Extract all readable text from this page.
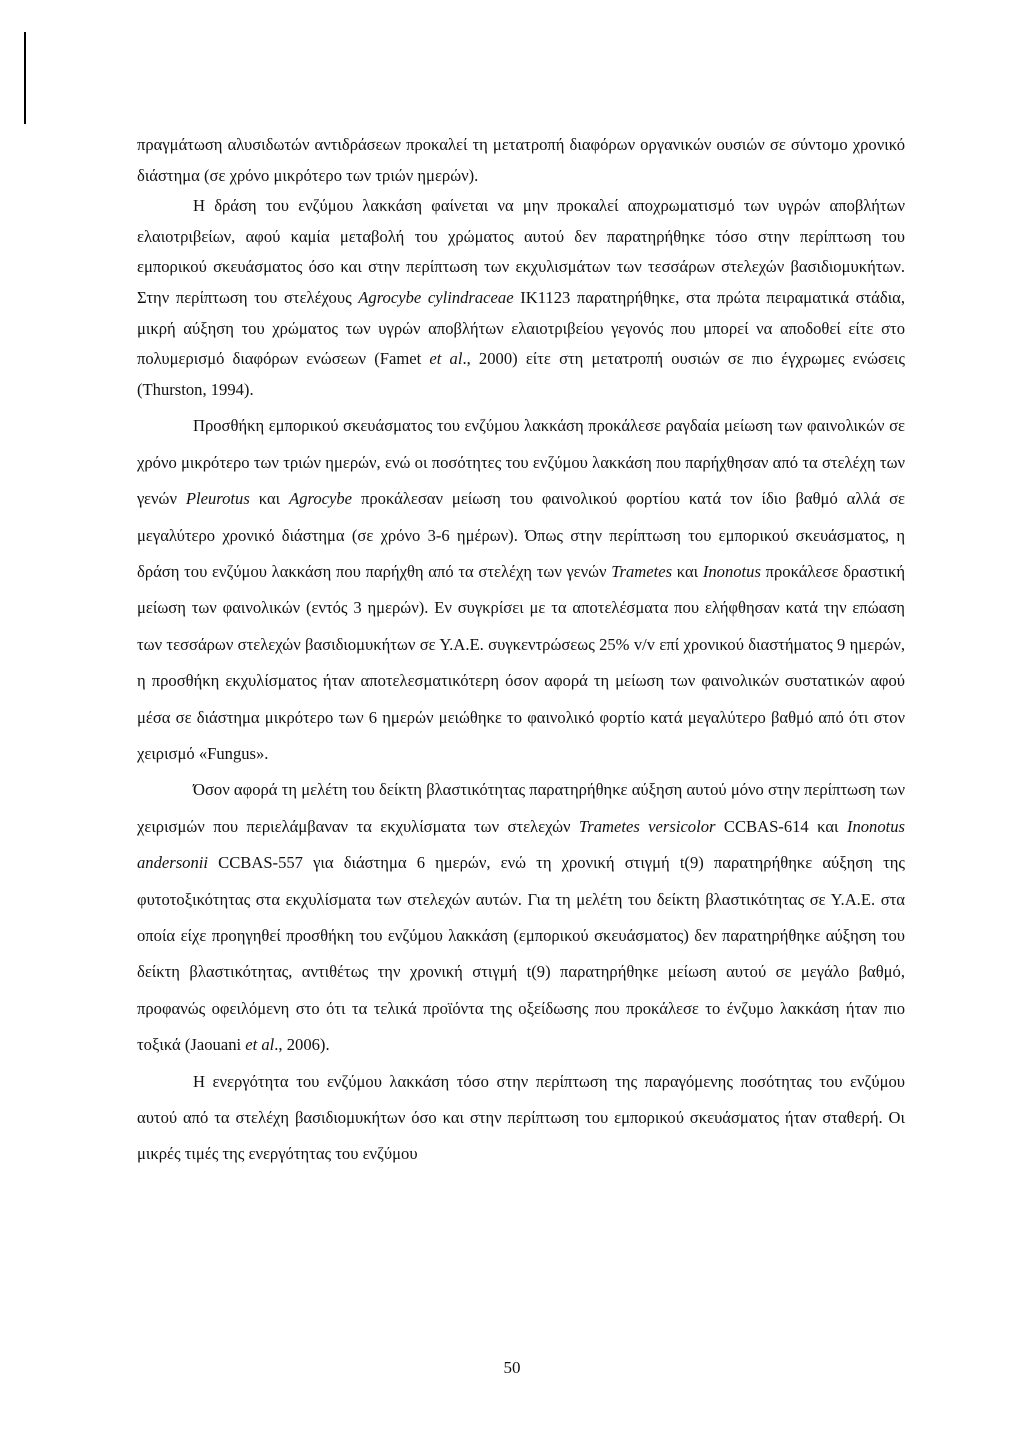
πραγμάτωση αλυσιδωτών αντιδράσεων προκαλεί τη μετατροπή διαφόρων οργανικών ουσιών σε σύντομο χρονικό διάστημα (σε χρόνο μικρότερο των τριών ημερών).

Η δράση του ενζύμου λακκάση φαίνεται να μην προκαλεί αποχρωματισμό των υγρών αποβλήτων ελαιοτριβείων, αφού καμία μεταβολή του χρώματος αυτού δεν παρατηρήθηκε τόσο στην περίπτωση του εμπορικού σκευάσματος όσο και στην περίπτωση των εκχυλισμάτων των τεσσάρων στελεχών βασιδιομυκήτων. Στην περίπτωση του στελέχους Agrocybe cylindraceae IK1123 παρατηρήθηκε, στα πρώτα πειραματικά στάδια, μικρή αύξηση του χρώματος των υγρών αποβλήτων ελαιοτριβείου γεγονός που μπορεί να αποδοθεί είτε στο πολυμερισμό διαφόρων ενώσεων (Famet et al., 2000) είτε στη μετατροπή ουσιών σε πιο έγχρωμες ενώσεις (Thurston, 1994).

Προσθήκη εμπορικού σκευάσματος του ενζύμου λακκάση προκάλεσε ραγδαία μείωση των φαινολικών σε χρόνο μικρότερο των τριών ημερών, ενώ οι ποσότητες του ενζύμου λακκάση που παρήχθησαν από τα στελέχη των γενών Pleurotus και Agrocybe προκάλεσαν μείωση του φαινολικού φορτίου κατά τον ίδιο βαθμό αλλά σε μεγαλύτερο χρονικό διάστημα (σε χρόνο 3-6 ημέρων). Όπως στην περίπτωση του εμπορικού σκευάσματος, η δράση του ενζύμου λακκάση που παρήχθη από τα στελέχη των γενών Trametes και Inonotus προκάλεσε δραστική μείωση των φαινολικών (εντός 3 ημερών). Εν συγκρίσει με τα αποτελέσματα που ελήφθησαν κατά την επώαση των τεσσάρων στελεχών βασιδιομυκήτων σε Υ.Α.Ε. συγκεντρώσεως 25% v/v επί χρονικού διαστήματος 9 ημερών, η προσθήκη εκχυλίσματος ήταν αποτελεσματικότερη όσον αφορά τη μείωση των φαινολικών συστατικών αφού μέσα σε διάστημα μικρότερο των 6 ημερών μειώθηκε το φαινολικό φορτίο κατά μεγαλύτερο βαθμό από ότι στον χειρισμό «Fungus».

Όσον αφορά τη μελέτη του δείκτη βλαστικότητας παρατηρήθηκε αύξηση αυτού μόνο στην περίπτωση των χειρισμών που περιελάμβαναν τα εκχυλίσματα των στελεχών Trametes versicolor CCBAS-614 και Inonotus andersonii CCBAS-557 για διάστημα 6 ημερών, ενώ τη χρονική στιγμή t(9) παρατηρήθηκε αύξηση της φυτοτοξικότητας στα εκχυλίσματα των στελεχών αυτών. Για τη μελέτη του δείκτη βλαστικότητας σε Υ.Α.Ε. στα οποία είχε προηγηθεί προσθήκη του ενζύμου λακκάση (εμπορικού σκευάσματος) δεν παρατηρήθηκε αύξηση του δείκτη βλαστικότητας, αντιθέτως την χρονική στιγμή t(9) παρατηρήθηκε μείωση αυτού σε μεγάλο βαθμό, προφανώς οφειλόμενη στο ότι τα τελικά προϊόντα της οξείδωσης που προκάλεσε το ένζυμο λακκάση ήταν πιο τοξικά (Jaouani et al., 2006).

Η ενεργότητα του ενζύμου λακκάση τόσο στην περίπτωση της παραγόμενης ποσότητας του ενζύμου αυτού από τα στελέχη βασιδιομυκήτων όσο και στην περίπτωση του εμπορικού σκευάσματος ήταν σταθερή. Οι μικρές τιμές της ενεργότητας του ενζύμου

50
